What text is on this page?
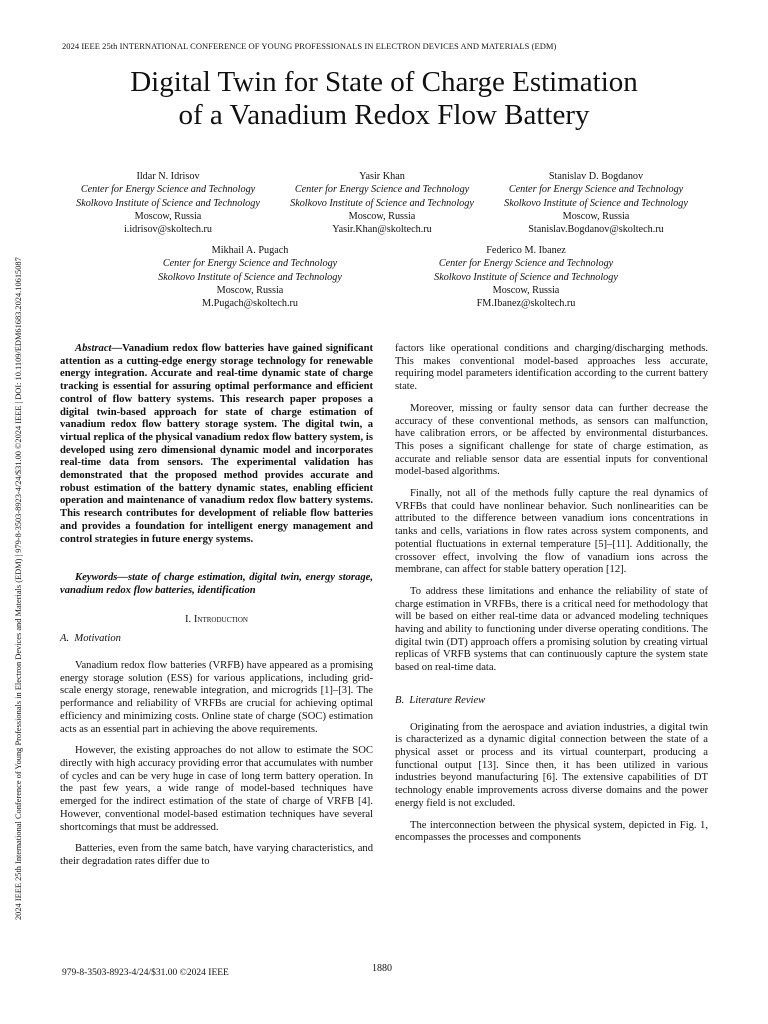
2024 IEEE 25th INTERNATIONAL CONFERENCE OF YOUNG PROFESSIONALS IN ELECTRON DEVICES AND MATERIALS (EDM)
Digital Twin for State of Charge Estimation
of a Vanadium Redox Flow Battery
2024 IEEE 25th International Conference of Young Professionals in Electron Devices and Materials (EDM) | 979-8-3503-8923-4/24/$31.00 ©2024 IEEE | DOI: 10.1109/EDM61683.2024.10615087
Ildar N. Idrisov
Center for Energy Science and Technology
Skolkovo Institute of Science and Technology
Moscow, Russia
i.idrisov@skoltech.ru
Yasir Khan
Center for Energy Science and Technology
Skolkovo Institute of Science and Technology
Moscow, Russia
Yasir.Khan@skoltech.ru
Stanislav D. Bogdanov
Center for Energy Science and Technology
Skolkovo Institute of Science and Technology
Moscow, Russia
Stanislav.Bogdanov@skoltech.ru
Mikhail A. Pugach
Center for Energy Science and Technology
Skolkovo Institute of Science and Technology
Moscow, Russia
M.Pugach@skoltech.ru
Federico M. Ibanez
Center for Energy Science and Technology
Skolkovo Institute of Science and Technology
Moscow, Russia
FM.Ibanez@skoltech.ru

Abstract—Vanadium redox flow batteries have gained significant attention as a cutting-edge energy storage technology for renewable energy integration. Accurate and real-time dynamic state of charge tracking is essential for assuring optimal performance and efficient control of flow battery systems. This research paper proposes a digital twin-based approach for state of charge estimation of vanadium redox flow battery storage system. The digital twin, a virtual replica of the physical vanadium redox flow battery system, is developed using zero dimensional dynamic model and incorporates real-time data from sensors. The experimental validation has demonstrated that the proposed method provides accurate and robust estimation of the battery dynamic states, enabling efficient operation and maintenance of vanadium redox flow battery systems. This research contributes for development of reliable flow batteries and provides a foundation for intelligent energy management and control strategies in future energy systems.

Keywords—state of charge estimation, digital twin, energy storage, vanadium redox flow batteries, identification

I. Introduction

A. Motivation

Vanadium redox flow batteries (VRFB) have appeared as a promising energy storage solution (ESS) for various applications, including grid-scale energy storage, renewable integration, and microgrids [1]–[3]. The performance and reliability of VRFBs are crucial for achieving optimal efficiency and minimizing costs. Online state of charge (SOC) estimation acts as an essential part in achieving the above requirements.

However, the existing approaches do not allow to estimate the SOC directly with high accuracy providing error that accumulates with number of cycles and can be very huge in case of long term battery operation. In the past few years, a wide range of model-based techniques have emerged for the indirect estimation of the state of charge of VRFB [4]. However, conventional model-based estimation techniques have several shortcomings that must be addressed.

Batteries, even from the same batch, have varying characteristics, and their degradation rates differ due to

factors like operational conditions and charging/discharging methods. This makes conventional model-based approaches less accurate, requiring model parameters identification according to the current battery state.

Moreover, missing or faulty sensor data can further decrease the accuracy of these conventional methods, as sensors can malfunction, have calibration errors, or be affected by environmental disturbances. This poses a significant challenge for state of charge estimation, as accurate and reliable sensor data are essential inputs for conventional model-based algorithms.

Finally, not all of the methods fully capture the real dynamics of VRFBs that could have nonlinear behavior. Such nonlinearities can be attributed to the difference between vanadium ions concentrations in tanks and cells, variations in flow rates across system components, and potential fluctuations in external temperature [5]–[11]. Additionally, the crossover effect, involving the flow of vanadium ions across the membrane, can affect for stable battery operation [12].

To address these limitations and enhance the reliability of state of charge estimation in VRFBs, there is a critical need for methodology that will be based on either real-time data or advanced modeling techniques having and ability to functioning under diverse operating conditions. The digital twin (DT) approach offers a promising solution by creating virtual replicas of VRFB systems that can continuously capture the system state based on real-time data.

B. Literature Review

Originating from the aerospace and aviation industries, a digital twin is characterized as a dynamic digital connection between the state of a physical asset or process and its virtual counterpart, producing a functional output [13]. Since then, it has been utilized in various industries beyond manufacturing [6]. The extensive capabilities of DT technology enable improvements across diverse domains and the power energy field is not excluded.

The interconnection between the physical system, depicted in Fig. 1, encompasses the processes and components

979-8-3503-8923-4/24/$31.00 ©2024 IEEE	1880
